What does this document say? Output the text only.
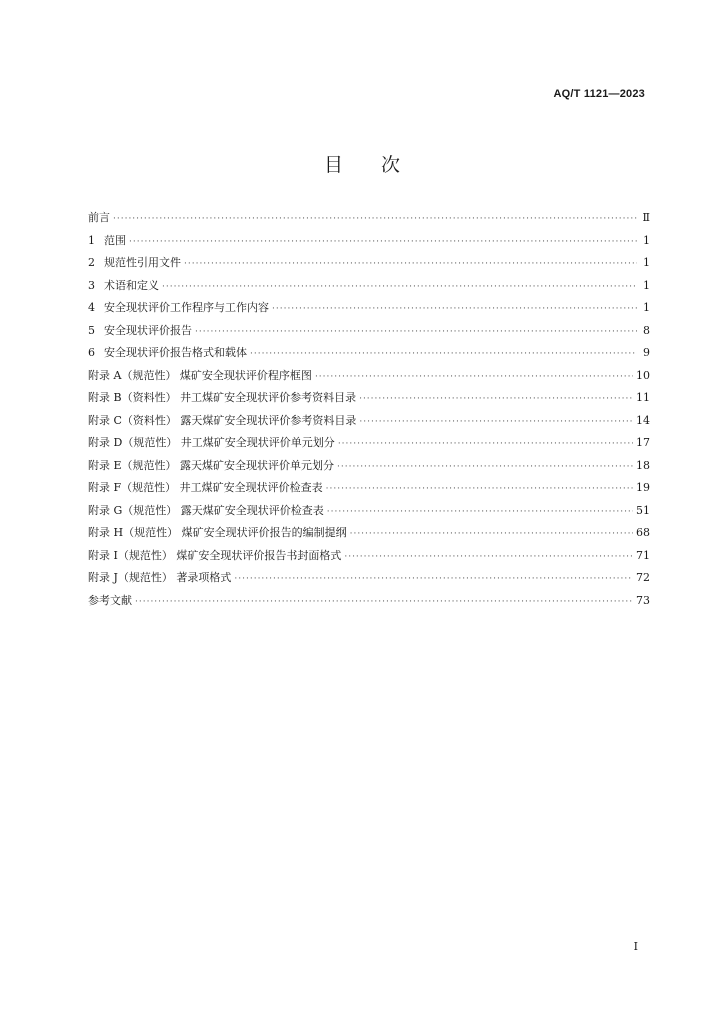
AQ/T 1121—2023
目 次
前言 ·····	Ⅱ
1 范围 ·····	1
2 规范性引用文件 ·····	1
3 术语和定义 ·····	1
4 安全现状评价工作程序与工作内容 ·····	1
5 安全现状评价报告 ·····	8
6 安全现状评价报告格式和载体 ·····	9
附录 A（规范性） 煤矿安全现状评价程序框图 ·····	10
附录 B（资料性） 井工煤矿安全现状评价参考资料目录 ·····	11
附录 C（资料性） 露天煤矿安全现状评价参考资料目录 ·····	14
附录 D（规范性） 井工煤矿安全现状评价单元划分 ·····	17
附录 E（规范性） 露天煤矿安全现状评价单元划分 ·····	18
附录 F（规范性） 井工煤矿安全现状评价检查表 ·····	19
附录 G（规范性） 露天煤矿安全现状评价检查表 ·····	51
附录 H（规范性） 煤矿安全现状评价报告的编制提纲 ·····	68
附录 I（规范性） 煤矿安全现状评价报告书封面格式 ·····	71
附录 J（规范性） 著录项格式 ·····	72
参考文献 ·····	73
I
